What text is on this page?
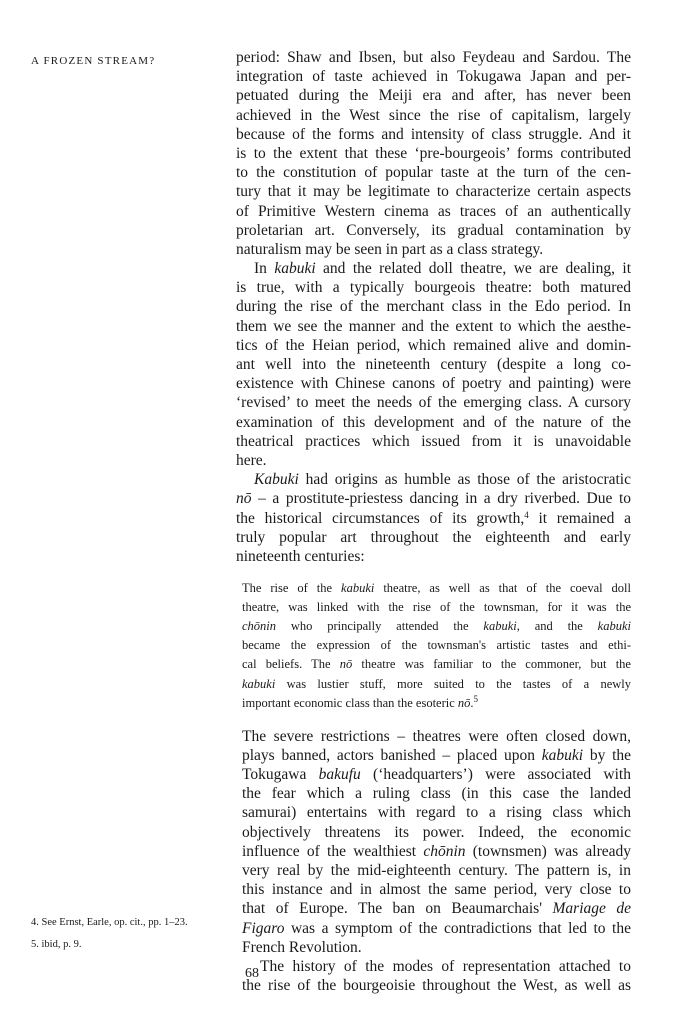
A FROZEN STREAM?	period: Shaw and Ibsen, but also Feydeau and Sardou. The
integration of taste achieved in Tokugawa Japan and per-
petuated during the Meiji era and after, has never been
achieved in the West since the rise of capitalism, largely
because of the forms and intensity of class struggle. And it
is to the extent that these ‘pre-bourgeois’ forms contributed
to the constitution of popular taste at the turn of the cen-
tury that it may be legitimate to characterize certain aspects
of Primitive Western cinema as traces of an authentically
proletarian art. Conversely, its gradual contamination by
naturalism may be seen in part as a class strategy.

In kabuki and the related doll theatre, we are dealing, it
is true, with a typically bourgeois theatre: both matured
during the rise of the merchant class in the Edo period. In
them we see the manner and the extent to which the aesthe-
tics of the Heian period, which remained alive and domin-
ant well into the nineteenth century (despite a long co-
existence with Chinese canons of poetry and painting) were
‘revised’ to meet the needs of the emerging class. A cursory
examination of this development and of the nature of the
theatrical practices which issued from it is unavoidable
here.

Kabuki had origins as humble as those of the aristocratic
nō – a prostitute-priestess dancing in a dry riverbed. Due to
the historical circumstances of its growth,$^4$ it remained a
truly popular art throughout the eighteenth and early
nineteenth centuries:

The rise of the kabuki theatre, as well as that of the coeval doll
theatre, was linked with the rise of the townsman, for it was the
chōnin who principally attended the kabuki, and the kabuki
became the expression of the townsman's artistic tastes and ethi-
cal beliefs. The nō theatre was familiar to the commoner, but the
kabuki was lustier stuff, more suited to the tastes of a newly
important economic class than the esoteric nō.$^5$

The severe restrictions – theatres were often closed down,
plays banned, actors banished – placed upon kabuki by the
Tokugawa bakufu (‘headquarters’) were associated with
the fear which a ruling class (in this case the landed
samurai) entertains with regard to a rising class which
objectively threatens its power. Indeed, the economic
influence of the wealthiest chōnin (townsmen) was already
very real by the mid-eighteenth century. The pattern is, in
this instance and in almost the same period, very close to
that of Europe. The ban on Beaumarchais' Mariage de
Figaro was a symptom of the contradictions that led to the
French Revolution.

The history of the modes of representation attached to
the rise of the bourgeoisie throughout the West, as well as

4. See Ernst, Earle, op. cit., pp. 1–23.
5. ibid, p. 9.
68
